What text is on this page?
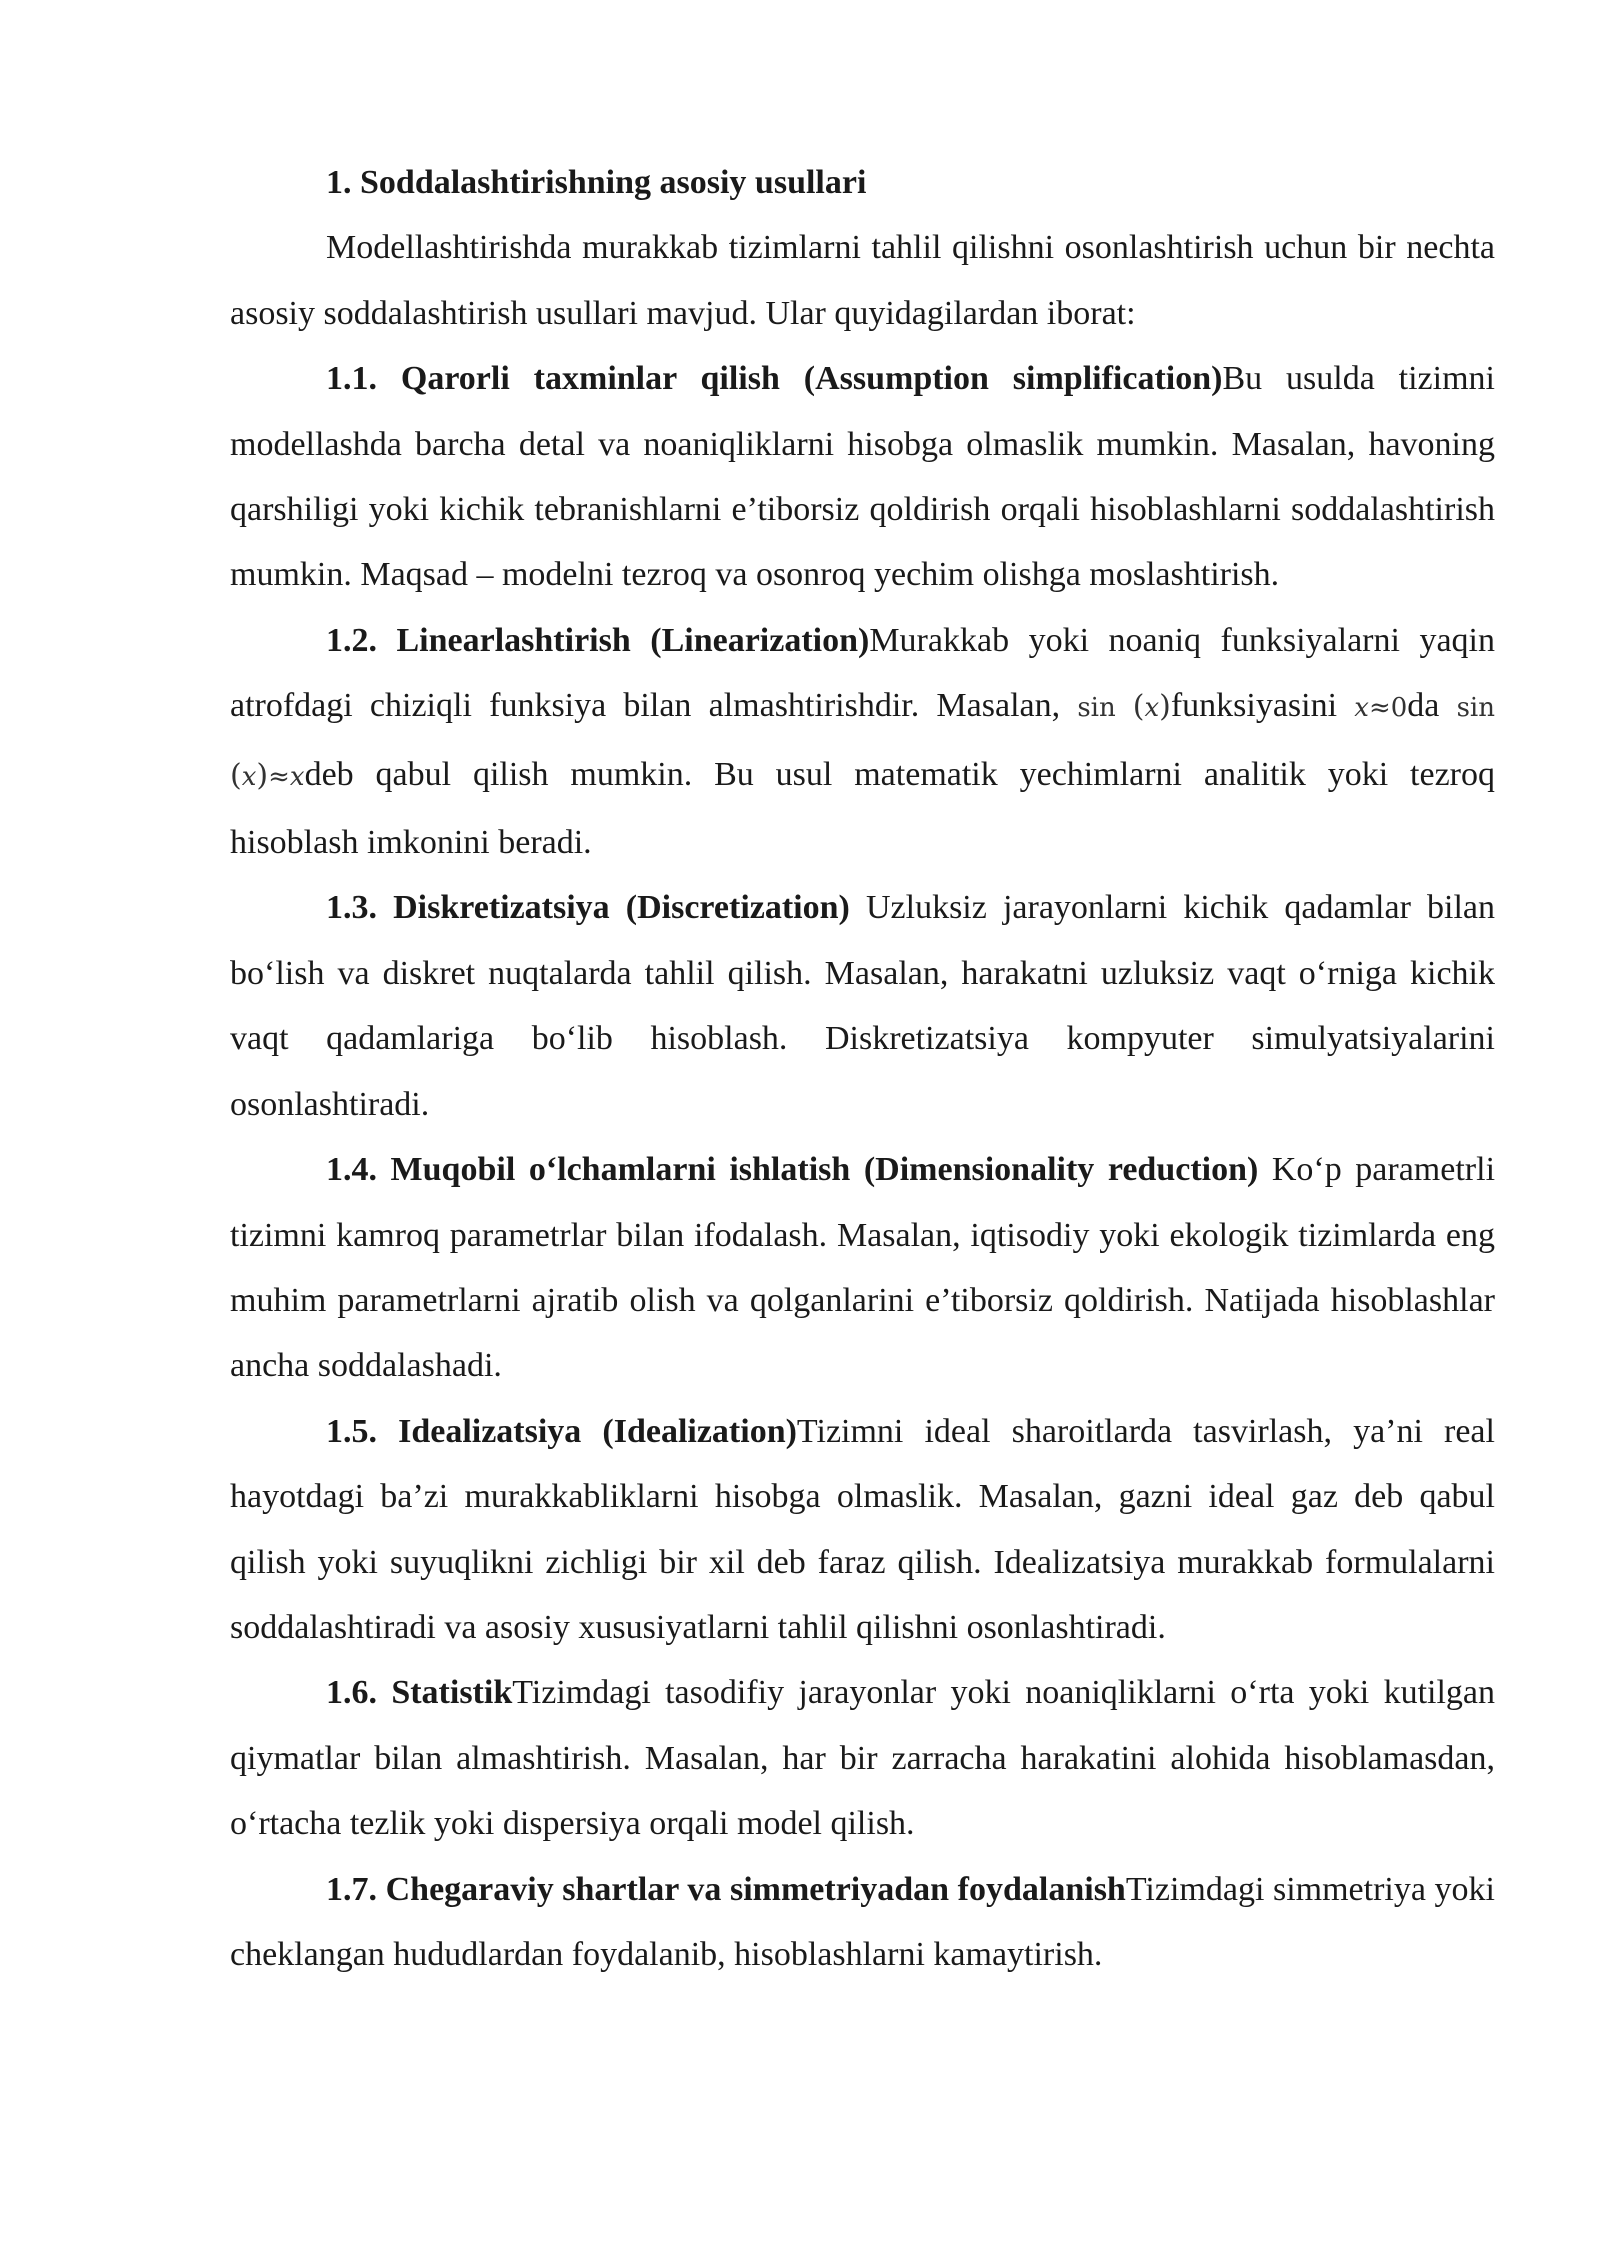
1. Soddalashtirishning asosiy usullari

Modellashtirishda murakkab tizimlarni tahlil qilishni osonlashtirish uchun bir nechta asosiy soddalashtirish usullari mavjud. Ular quyidagilardan iborat:

1.1. Qarorli taxminlar qilish (Assumption simplification)Bu usulda tizimni modellashda barcha detal va noaniqliklarni hisobga olmaslik mumkin. Masalan, havoning qarshiligi yoki kichik tebranishlarni e’tiborsiz qoldirish orqali hisoblashlarni soddalashtirish mumkin. Maqsad – modelni tezroq va osonroq yechim olishga moslashtirish.

1.2. Linearlashtirish (Linearization)Murakkab yoki noaniq funksiyalarni yaqin atrofdagi chiziqli funksiya bilan almashtirishdir. Masalan, sin (x)funksiyasini x≈0da sin (x)≈xdeb qabul qilish mumkin. Bu usul matematik yechimlarni analitik yoki tezroq hisoblash imkonini beradi.

1.3. Diskretizatsiya (Discretization) Uzluksiz jarayonlarni kichik qadamlar bilan bo‘lish va diskret nuqtalarda tahlil qilish. Masalan, harakatni uzluksiz vaqt o‘rniga kichik vaqt qadamlariga bo‘lib hisoblash. Diskretizatsiya kompyuter simulyatsiyalarini osonlashtiradi.

1.4. Muqobil o‘lchamlarni ishlatish (Dimensionality reduction) Ko‘p parametrli tizimni kamroq parametrlar bilan ifodalash. Masalan, iqtisodiy yoki ekologik tizimlarda eng muhim parametrlarni ajratib olish va qolganlarini e’tiborsiz qoldirish. Natijada hisoblashlar ancha soddalashadi.

1.5. Idealizatsiya (Idealization)Tizimni ideal sharoitlarda tasvirlash, ya’ni real hayotdagi ba’zi murakkabliklarni hisobga olmaslik. Masalan, gazni ideal gaz deb qabul qilish yoki suyuqlikni zichligi bir xil deb faraz qilish. Idealizatsiya murakkab formulalarni soddalashtiradi va asosiy xususiyatlarni tahlil qilishni osonlashtiradi.

1.6. StatistikTizimdagi tasodifiy jarayonlar yoki noaniqliklarni o‘rta yoki kutilgan qiymatlar bilan almashtirish. Masalan, har bir zarracha harakatini alohida hisoblamasdan, o‘rtacha tezlik yoki dispersiya orqali model qilish.

1.7. Chegaraviy shartlar va simmetriyadan foydalanishTizimdagi simmetriya yoki cheklangan hududlardan foydalanib, hisoblashlarni kamaytirish.
